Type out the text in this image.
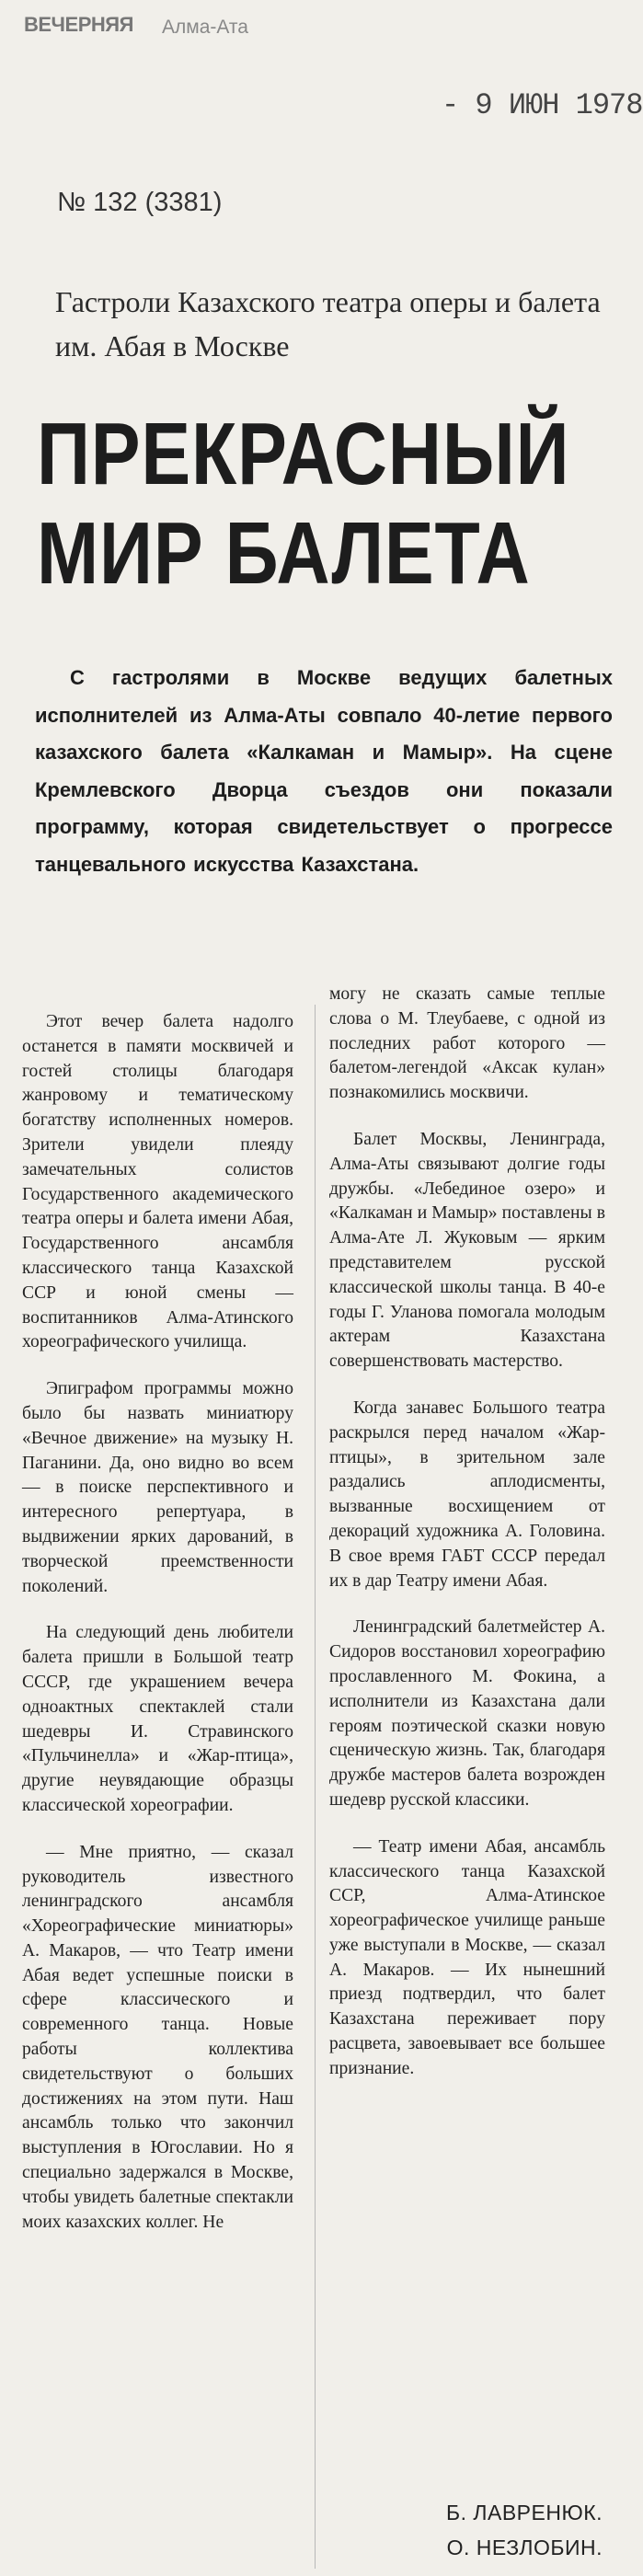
ВЕЧЕРНЯЯ	Алма-Ата
- 9 ИЮН 1978
№ 132 (3381)
Гастроли Казахского театра оперы и балета им. Абая в Москве
ПРЕКРАСНЫЙ
МИР БАЛЕТА
С гастролями в Москве ведущих балетных исполнителей из Алма-Аты совпало 40-летие первого казахского балета «Калкаман и Мамыр». На сцене Кремлевского Дворца съездов они показали программу, которая свидетельствует о прогрессе танцевального искусства Казахстана.

Этот вечер балета надолго останется в памяти москвичей и гостей столицы благодаря жанровому и тематическому богатству исполненных номеров. Зрители увидели плеяду замечательных солистов Государственного академического театра оперы и балета имени Абая, Государственного ансамбля классического танца Казахской ССР и юной смены — воспитанников Алма-Атинского хореографического училища.

Эпиграфом программы можно было бы назвать миниатюру «Вечное движение» на музыку Н. Паганини. Да, оно видно во всем — в поиске перспективного и интересного репертуара, в выдвижении ярких дарований, в творческой преемственности поколений.

На следующий день любители балета пришли в Большой театр СССР, где украшением вечера одноактных спектаклей стали шедевры И. Стравинского «Пульчинелла» и «Жар-птица», другие неувядающие образцы классической хореографии.

— Мне приятно, — сказал руководитель известного ленинградского ансамбля «Хореографические миниатюры» А. Макаров, — что Театр имени Абая ведет успешные поиски в сфере классического и современного танца. Новые работы коллектива свидетельствуют о больших достижениях на этом пути. Наш ансамбль только что закончил выступления в Югославии. Но я специально задержался в Москве, чтобы увидеть балетные спектакли моих казахских коллег. Не

могу не сказать самые теплые слова о М. Тлеубаеве, с одной из последних работ которого — балетом-легендой «Аксак кулан» познакомились москвичи.

Балет Москвы, Ленинграда, Алма-Аты связывают долгие годы дружбы. «Лебединое озеро» и «Калкаман и Мамыр» поставлены в Алма-Ате Л. Жуковым — ярким представителем русской классической школы танца. В 40-е годы Г. Уланова помогала молодым актерам Казахстана совершенствовать мастерство.

Когда занавес Большого театра раскрылся перед началом «Жар-птицы», в зрительном зале раздались аплодисменты, вызванные восхищением от декораций художника А. Головина. В свое время ГАБТ СССР передал их в дар Театру имени Абая.

Ленинградский балетмейстер А. Сидоров восстановил хореографию прославленного М. Фокина, а исполнители из Казахстана дали героям поэтической сказки новую сценическую жизнь. Так, благодаря дружбе мастеров балета возрожден шедевр русской классики.

— Театр имени Абая, ансамбль классического танца Казахской ССР, Алма-Атинское хореографическое училище раньше уже выступали в Москве, — сказал А. Макаров. — Их нынешний приезд подтвердил, что балет Казахстана переживает пору расцвета, завоевывает все большее признание.

Б. ЛАВРЕНЮК.
О. НЕЗЛОБИН.
